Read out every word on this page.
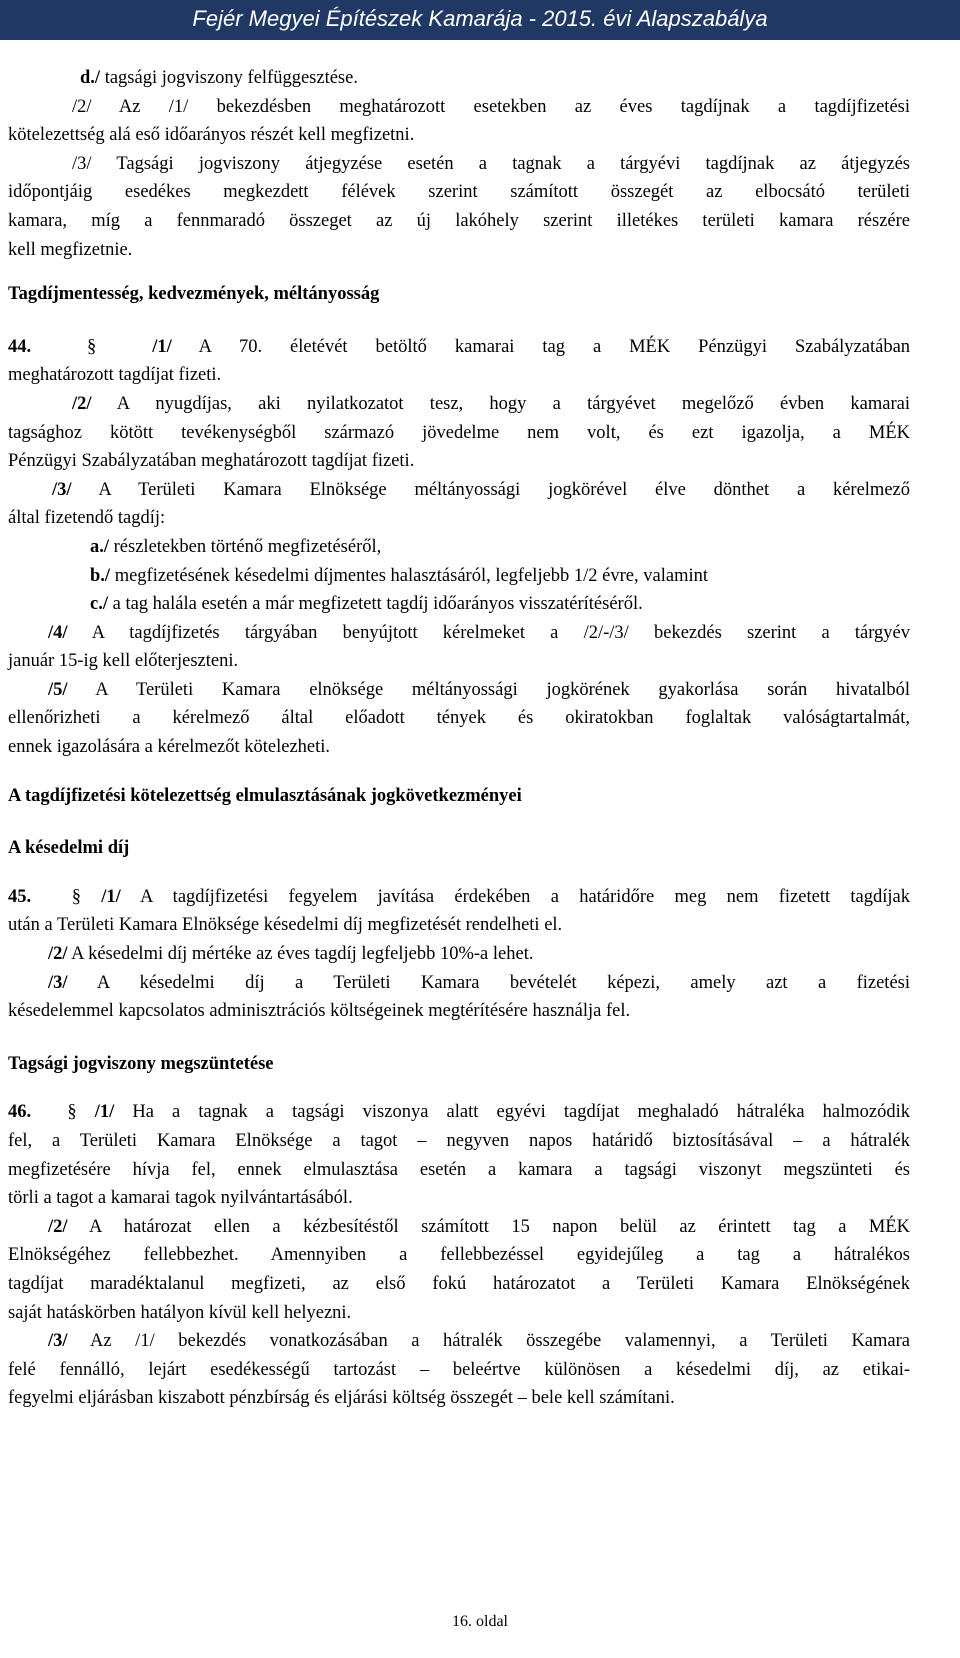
Fejér Megyei Építészek Kamarája - 2015. évi Alapszabálya
d./ tagsági jogviszony felfüggesztése.
/2/ Az /1/ bekezdésben meghatározott esetekben az éves tagdíjnak a tagdíjfizetési
kötelezettség alá eső időarányos részét kell megfizetni.
/3/ Tagsági jogviszony átjegyzése esetén a tagnak a tárgyévi tagdíjnak az átjegyzés
időpontjáig esedékes megkezdett félévek szerint számított összegét az elbocsátó területi
kamara, míg a fennmaradó összeget az új lakóhely szerint illetékes területi kamara részére
kell megfizetnie.
Tagdíjmentesség, kedvezmények, méltányosság
44.	§	/1/ A 70. életévét betöltő kamarai tag a MÉK Pénzügyi Szabályzatában
meghatározott tagdíjat fizeti.
/2/ A nyugdíjas, aki nyilatkozatot tesz, hogy a tárgyévet megelőző évben kamarai
tagsághoz kötött tevékenységből származó jövedelme nem volt, és ezt igazolja, a MÉK
Pénzügyi Szabályzatában meghatározott tagdíjat fizeti.
/3/ A Területi Kamara Elnöksége méltányossági jogkörével élve dönthet a kérelmező
által fizetendő tagdíj:
a./ részletekben történő megfizetéséről,
b./ megfizetésének késedelmi díjmentes halasztásáról, legfeljebb 1/2 évre, valamint
c./ a tag halála esetén a már megfizetett tagdíj időarányos visszatérítéséről.
/4/ A tagdíjfizetés tárgyában benyújtott kérelmeket a /2/-/3/ bekezdés szerint a tárgyév
január 15-ig kell előterjeszteni.
/5/ A Területi Kamara elnöksége méltányossági jogkörének gyakorlása során hivatalból
ellenőrizheti a kérelmező által előadott tények és okiratokban foglaltak valóságtartalmát,
ennek igazolására a kérelmezőt kötelezheti.
A tagdíjfizetési kötelezettség elmulasztásának jogkövetkezményei
A késedelmi díj
45. § /1/ A tagdíjfizetési fegyelem javítása érdekében a határidőre meg nem fizetett tagdíjak
után a Területi Kamara Elnöksége késedelmi díj megfizetését rendelheti el.
/2/ A késedelmi díj mértéke az éves tagdíj legfeljebb 10%-a lehet.
/3/ A késedelmi díj a Területi Kamara bevételét képezi, amely azt a fizetési
késedelemmel kapcsolatos adminisztrációs költségeinek megtérítésére használja fel.
Tagsági jogviszony megszüntetése
46. § /1/ Ha a tagnak a tagsági viszonya alatt egyévi tagdíjat meghaladó hátraléka halmozódik
fel, a Területi Kamara Elnöksége a tagot – negyven napos határidő biztosításával – a hátralék
megfizetésére hívja fel, ennek elmulasztása esetén a kamara a tagsági viszonyt megszünteti és
törli a tagot a kamarai tagok nyilvántartásából.
/2/ A határozat ellen a kézbesítéstől számított 15 napon belül az érintett tag a MÉK
Elnökségéhez fellebbezhet. Amennyiben a fellebbezéssel egyidejűleg a tag a hátralékos
tagdíjat maradéktalanul megfizeti, az első fokú határozatot a Területi Kamara Elnökségének
saját hatáskörben hatályon kívül kell helyezni.
/3/ Az /1/ bekezdés vonatkozásában a hátralék összegébe valamennyi, a Területi Kamara
felé fennálló, lejárt esedékességű tartozást – beleértve különösen a késedelmi díj, az etikai-
fegyelmi eljárásban kiszabott pénzbírság és eljárási költség összegét – bele kell számítani.
16. oldal
